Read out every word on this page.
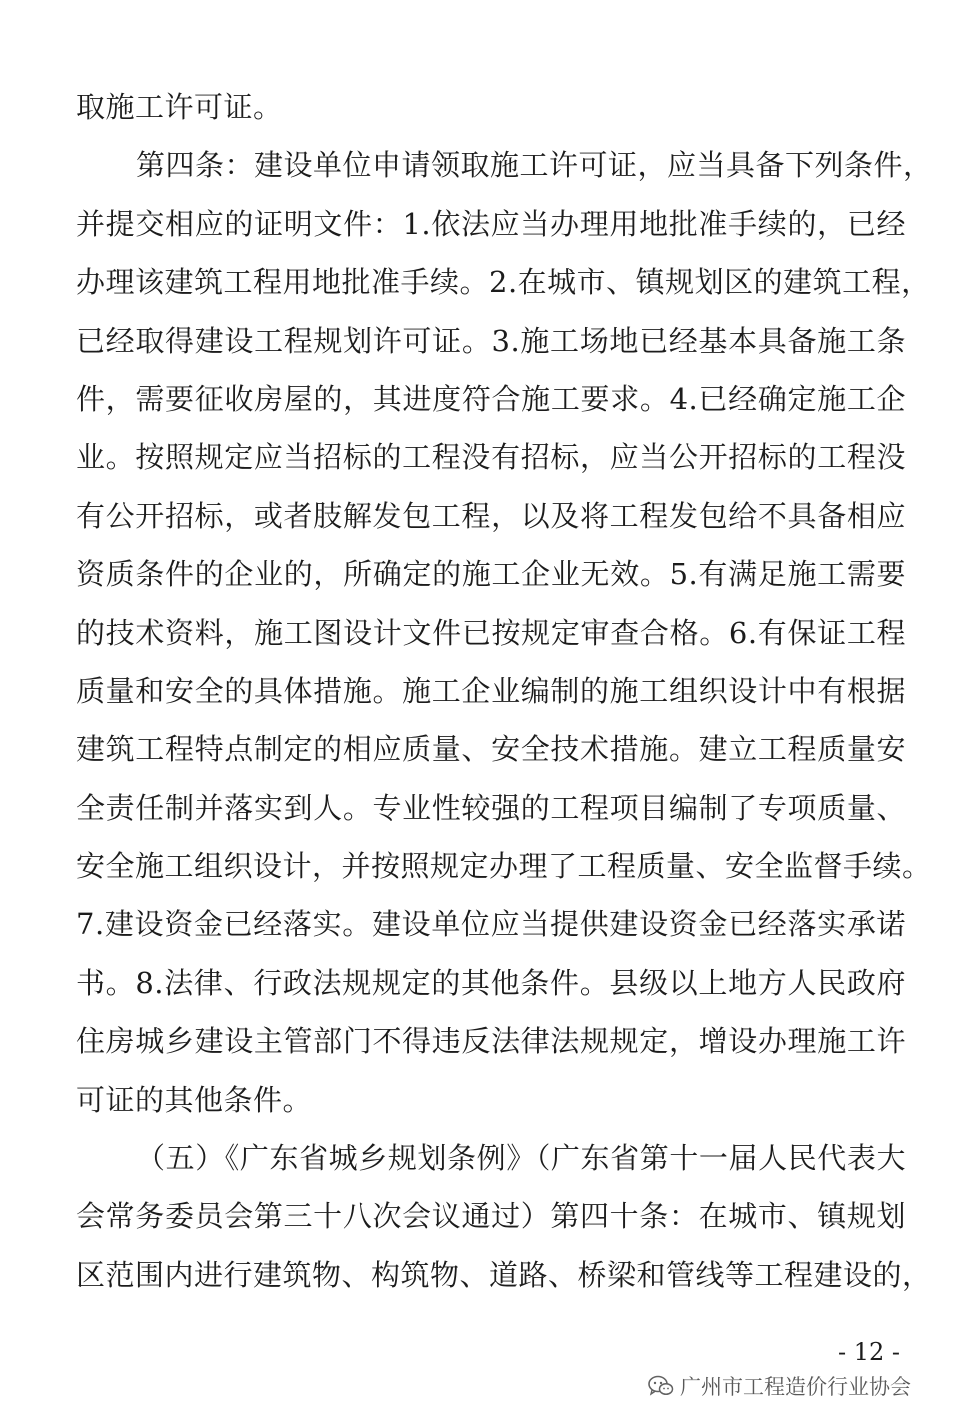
取施工许可证。
第四条：建设单位申请领取施工许可证，应当具备下列条件，
并提交相应的证明文件：1.依法应当办理用地批准手续的，已经
办理该建筑工程用地批准手续。2.在城市、镇规划区的建筑工程，
已经取得建设工程规划许可证。3.施工场地已经基本具备施工条
件，需要征收房屋的，其进度符合施工要求。4.已经确定施工企
业。按照规定应当招标的工程没有招标，应当公开招标的工程没
有公开招标，或者肢解发包工程，以及将工程发包给不具备相应
资质条件的企业的，所确定的施工企业无效。5.有满足施工需要
的技术资料，施工图设计文件已按规定审查合格。6.有保证工程
质量和安全的具体措施。施工企业编制的施工组织设计中有根据
建筑工程特点制定的相应质量、安全技术措施。建立工程质量安
全责任制并落实到人。专业性较强的工程项目编制了专项质量、
安全施工组织设计，并按照规定办理了工程质量、安全监督手续。
7.建设资金已经落实。建设单位应当提供建设资金已经落实承诺
书。8.法律、行政法规规定的其他条件。县级以上地方人民政府
住房城乡建设主管部门不得违反法律法规规定，增设办理施工许
可证的其他条件。
（五）《广东省城乡规划条例》（广东省第十一届人民代表大
会常务委员会第三十八次会议通过）第四十条：在城市、镇规划
区范围内进行建筑物、构筑物、道路、桥梁和管线等工程建设的，
- 12 -
广州市工程造价行业协会
